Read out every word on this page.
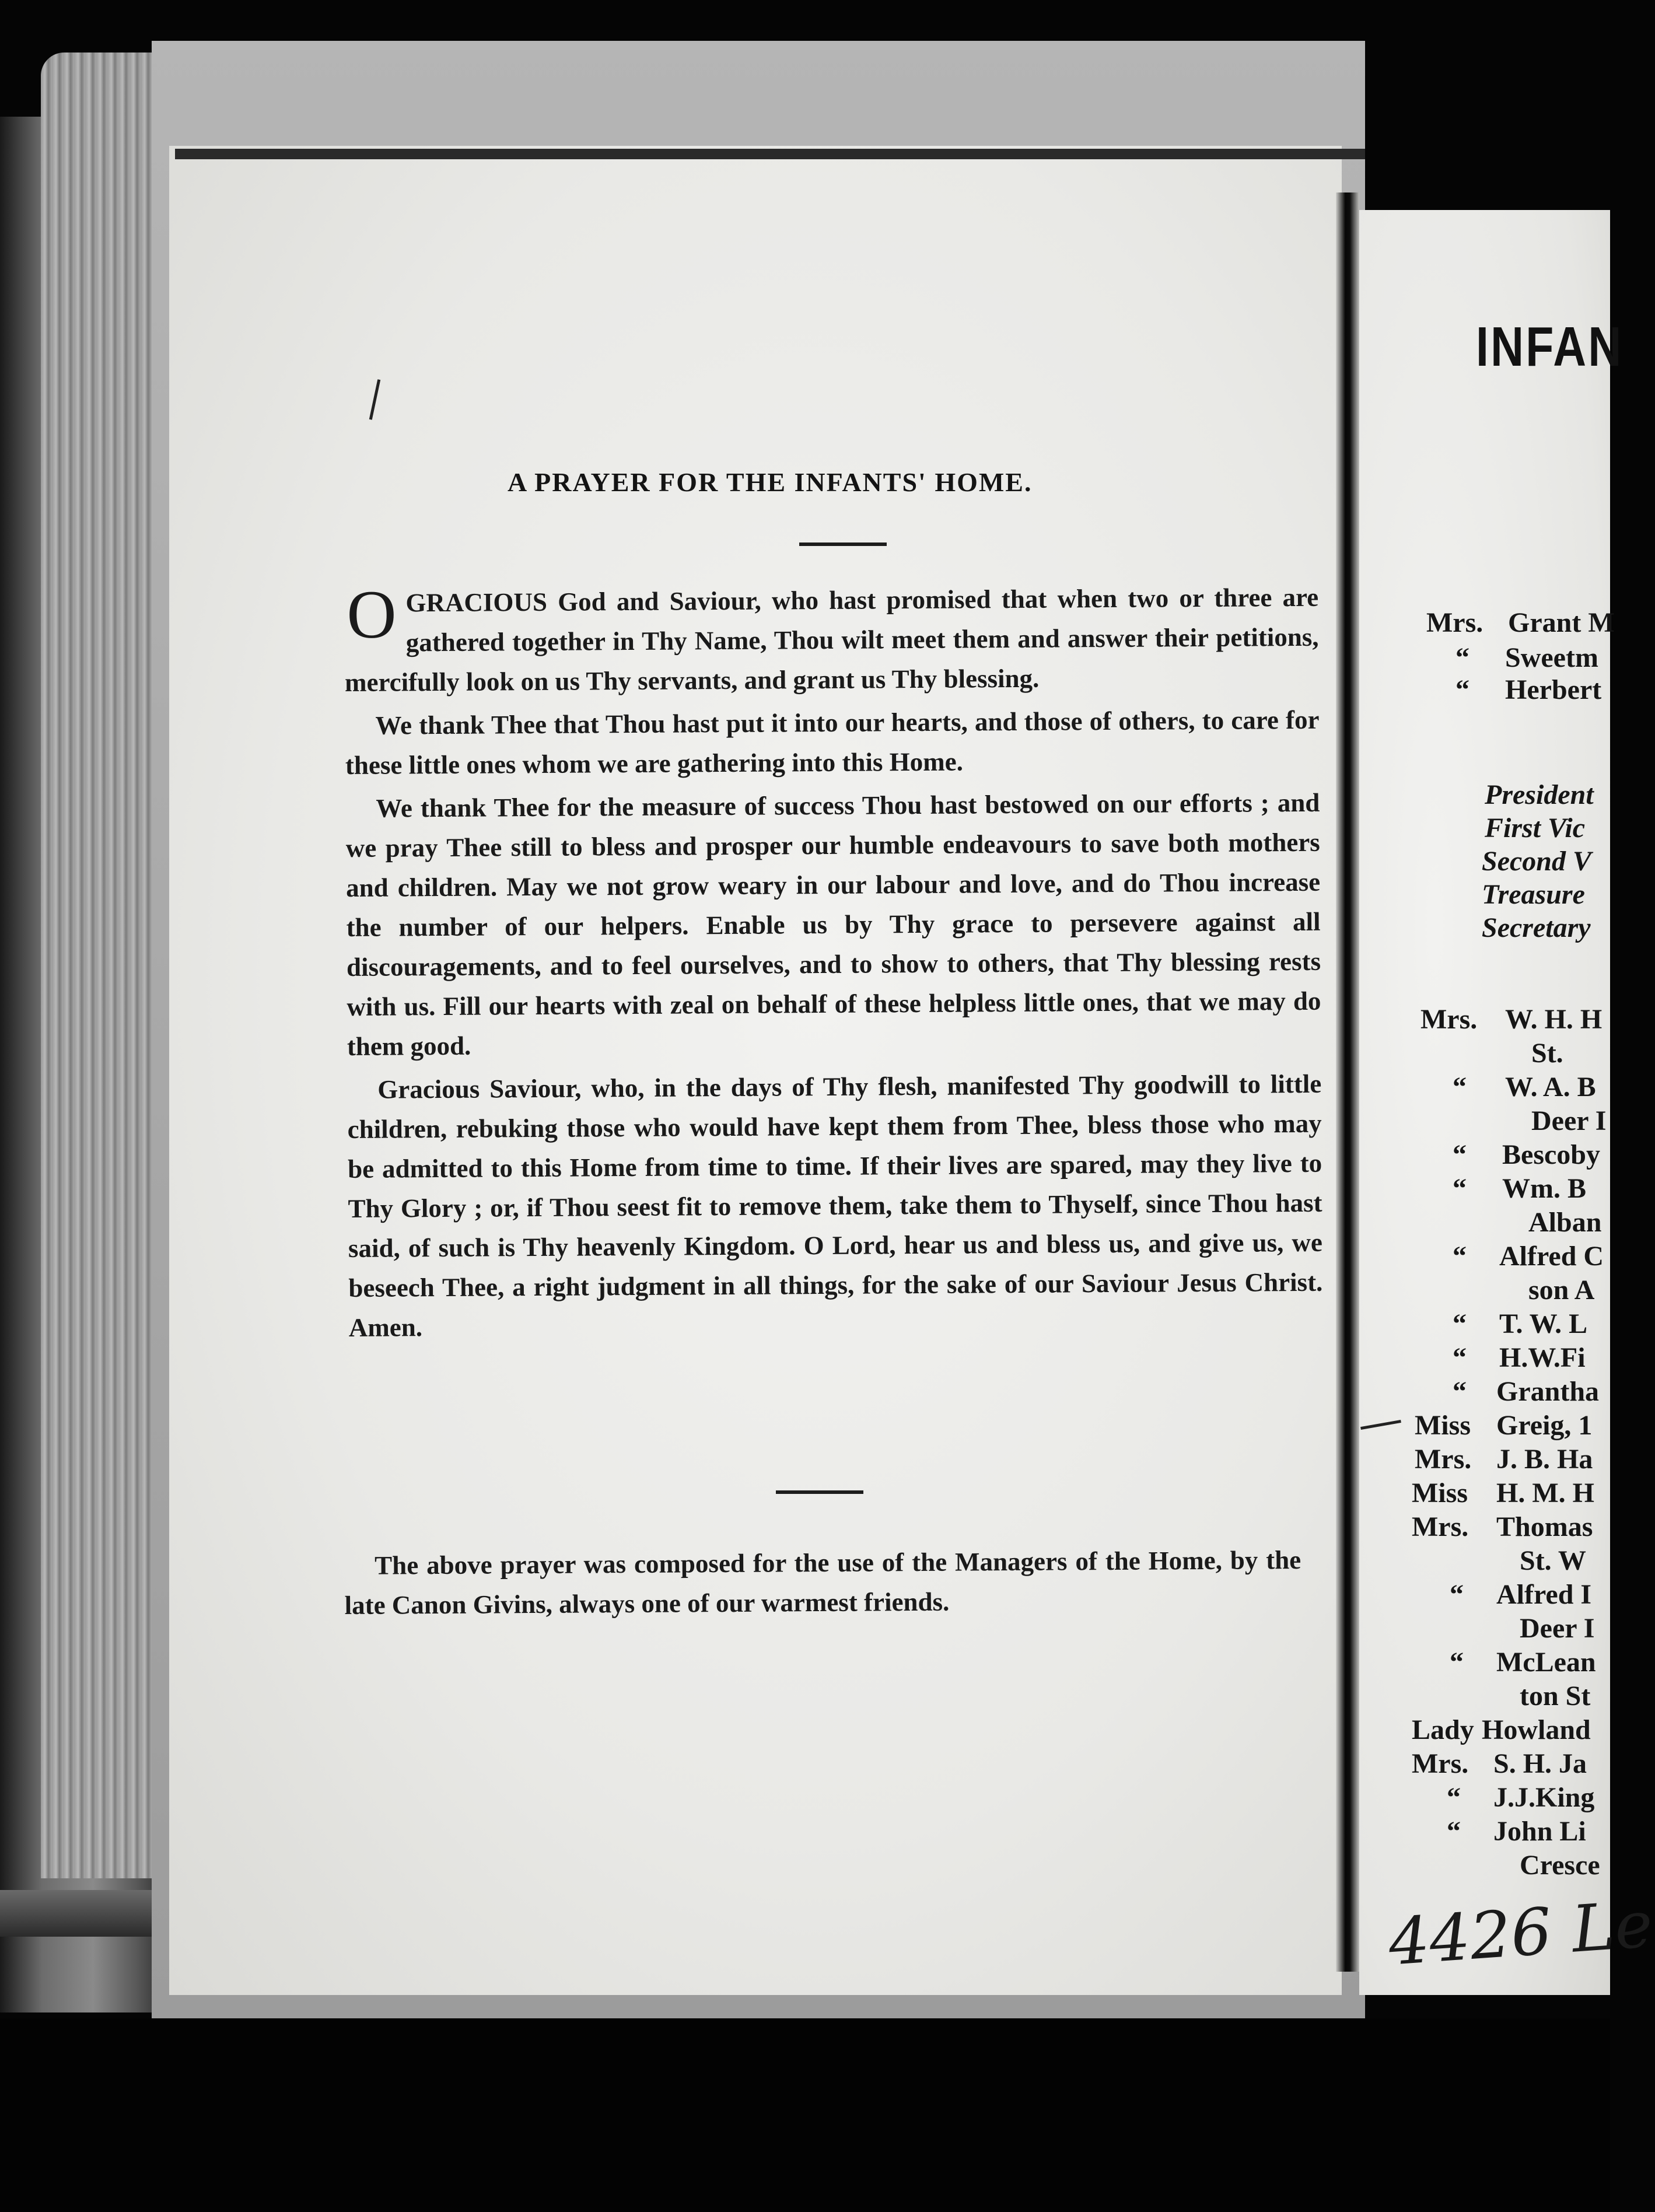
A PRAYER FOR THE INFANTS' HOME.

OGRACIOUS God and Saviour, who hast promised that when two or three are gathered together in Thy Name, Thou wilt meet them and answer their petitions, mercifully look on us Thy servants, and grant us Thy blessing.

We thank Thee that Thou hast put it into our hearts, and those of others, to care for these little ones whom we are gathering into this Home.

We thank Thee for the measure of success Thou hast bestowed on our efforts ; and we pray Thee still to bless and prosper our humble endeavours to save both mothers and children. May we not grow weary in our labour and love, and do Thou increase the number of our helpers. Enable us by Thy grace to persevere against all discouragements, and to feel ourselves, and to show to others, that Thy blessing rests with us. Fill our hearts with zeal on behalf of these helpless little ones, that we may do them good.

Gracious Saviour, who, in the days of Thy flesh, manifested Thy goodwill to little children, rebuking those who would have kept them from Thee, bless those who may be admitted to this Home from time to time. If their lives are spared, may they live to Thy Glory ; or, if Thou seest fit to remove them, take them to Thyself, since Thou hast said, of such is Thy heavenly Kingdom. O Lord, hear us and bless us, and give us, we beseech Thee, a right judgment in all things, for the sake of our Saviour Jesus Christ. Amen.

The above prayer was composed for the use of the Managers of the Home, by the late Canon Givins, always one of our warmest friends.
INFAN
Mrs. Grant M
“ Sweetm
“ Herbert
President
First Vic
Second V
Treasure
Secretary
Mrs. W. H. H
St.
“ W. A. B
Deer I
“ Bescoby
“ Wm. B
Alban
“ Alfred C
son A
“ T. W. L
“ H.W.Fi
“ Grantha
Miss Greig, 1
Mrs. J. B. Ha
Miss H. M. H
Mrs. Thomas
St. W
“ Alfred I
Deer I
“ McLean
ton St
Lady Howland
Mrs. S. H. Ja
“ J.J.King
“ John Li
Cresce
4426 Le
